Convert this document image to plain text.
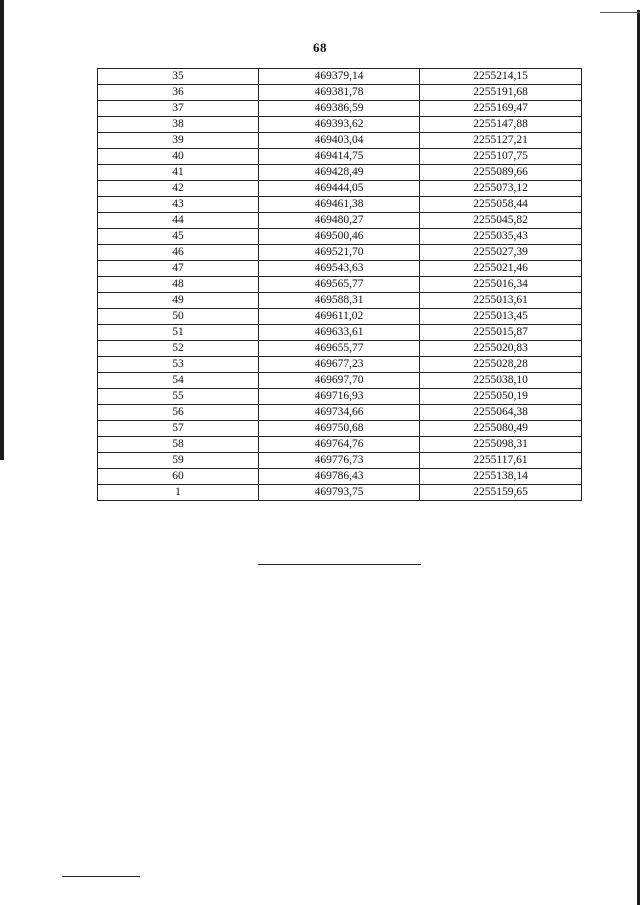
68
35	469379,14	2255214,15
36	469381,78	2255191,68
37	469386,59	2255169,47
38	469393,62	2255147,88
39	469403,04	2255127,21
40	469414,75	2255107,75
41	469428,49	2255089,66
42	469444,05	2255073,12
43	469461,38	2255058,44
44	469480,27	2255045,82
45	469500,46	2255035,43
46	469521,70	2255027,39
47	469543,63	2255021,46
48	469565,77	2255016,34
49	469588,31	2255013,61
50	469611,02	2255013,45
51	469633,61	2255015,87
52	469655,77	2255020,83
53	469677,23	2255028,28
54	469697,70	2255038,10
55	469716,93	2255050,19
56	469734,66	2255064,38
57	469750,68	2255080,49
58	469764,76	2255098,31
59	469776,73	2255117,61
60	469786,43	2255138,14
1	469793,75	2255159,65
